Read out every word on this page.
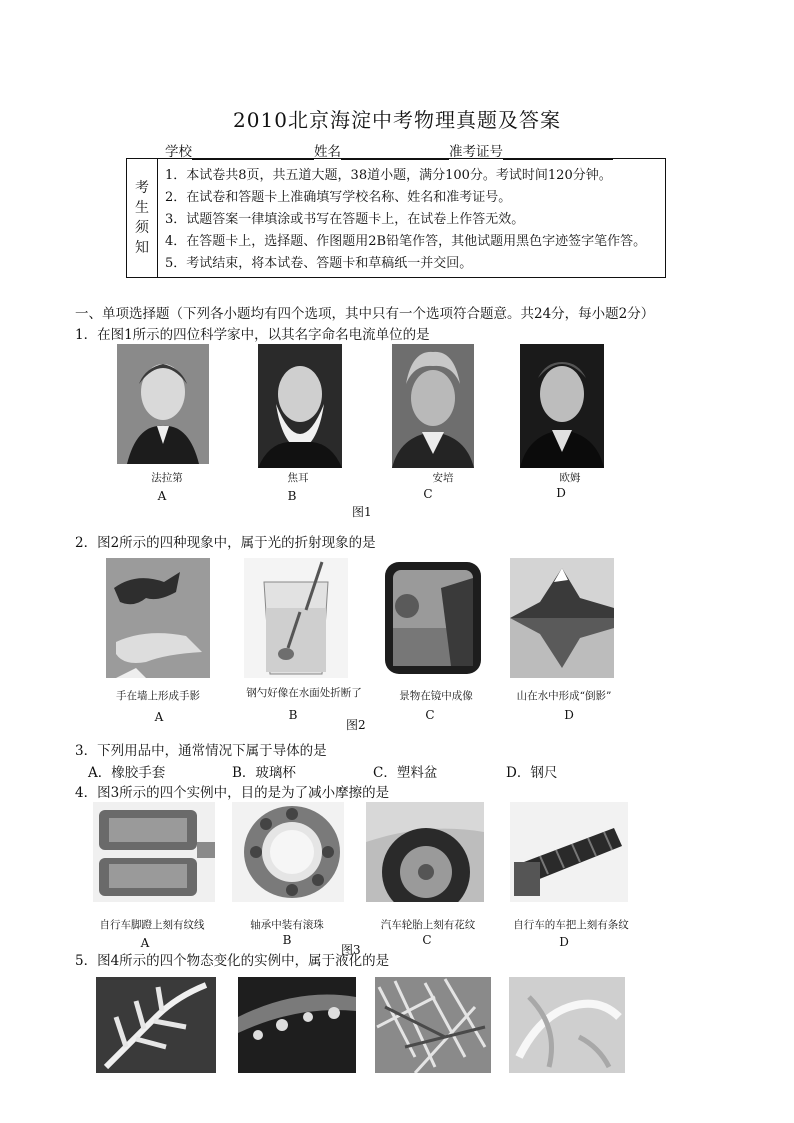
2010北京海淀中考物理真题及答案
学校	姓名	准考证号
考
生
须
知
1．本试卷共8页，共五道大题，38道小题，满分100分。考试时间120分钟。
2．在试卷和答题卡上准确填写学校名称、姓名和准考证号。
3．试题答案一律填涂或书写在答题卡上，在试卷上作答无效。
4．在答题卡上，选择题、作图题用2B铅笔作答，其他试题用黑色字迹签字笔作答。
5．考试结束，将本试卷、答题卡和草稿纸一并交回。
一、单项选择题（下列各小题均有四个选项，其中只有一个选项符合题意。共24分，每小题2分）
1．在图1所示的四位科学家中，以其名字命名电流单位的是
法拉第	焦耳	安培	欧姆
A	B	C	D
图1
2．图2所示的四种现象中，属于光的折射现象的是
手在墙上形成手影	钢勺好像在水面处折断了	景物在镜中成像	山在水中形成“倒影”
A	B	C	D
图2
3．下列用品中，通常情况下属于导体的是
A．橡胶手套	B．玻璃杯	C．塑料盆	D．钢尺
4．图3所示的四个实例中，目的是为了减小摩擦的是
自行车脚蹬上刻有纹线	轴承中装有滚珠	汽车轮胎上刻有花纹	自行车的车把上刻有条纹
A	B	C	D
图3
5．图4所示的四个物态变化的实例中，属于液化的是
